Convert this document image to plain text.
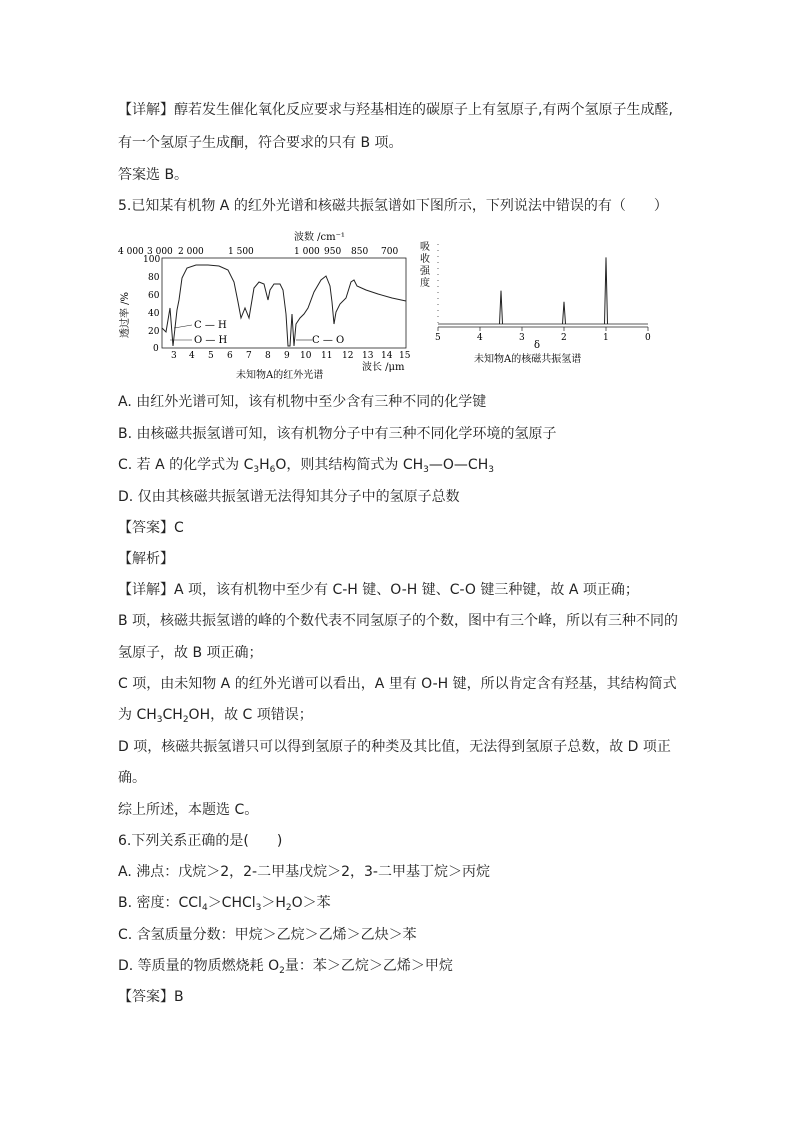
【详解】醇若发生催化氧化反应要求与羟基相连的碳原子上有氢原子,有两个氢原子生成醛,
有一个氢原子生成酮，符合要求的只有 B 项。
答案选 B。
5.已知某有机物 A 的红外光谱和核磁共振氢谱如下图所示，下列说法中错误的有（　　）
波数 /cm⁻¹
4 000 3 000 2 000	1 500	1 000 950 850 700
透过率 /%
100
80
60
40
20
0
C — H
O — H	C — O
3 4 5 6 7 8 9 10 11 12 13 14 15
未知物A的红外光谱
波长 /μm
吸
收
强
度
5	4	3	2	1	0
δ
未知物A的核磁共振氢谱
A. 由红外光谱可知，该有机物中至少含有三种不同的化学键
B. 由核磁共振氢谱可知，该有机物分子中有三种不同化学环境的氢原子
C. 若 A 的化学式为 $C_3H_6O$，则其结构简式为 $CH_3—O—CH_3$
D. 仅由其核磁共振氢谱无法得知其分子中的氢原子总数
【答案】C
【解析】
【详解】A 项，该有机物中至少有 C-H 键、O-H 键、C-O 键三种键，故 A 项正确；
B 项，核磁共振氢谱的峰的个数代表不同氢原子的个数，图中有三个峰，所以有三种不同的
氢原子，故 B 项正确；
C 项，由未知物 A 的红外光谱可以看出，A 里有 O-H 键，所以肯定含有羟基，其结构简式
为 $CH_3CH_2OH$，故 C 项错误；
D 项，核磁共振氢谱只可以得到氢原子的种类及其比值，无法得到氢原子总数，故 D 项正
确。
综上所述，本题选 C。
6.下列关系正确的是(　　)
A. 沸点：戊烷＞2，2-二甲基戊烷＞2，3-二甲基丁烷＞丙烷
B. 密度：$CCl_4>CHCl_3>H_2O>$苯
C. 含氢质量分数：甲烷＞乙烷＞乙烯＞乙炔＞苯
D. 等质量的物质燃烧耗 $O_2$量：苯＞乙烷＞乙烯＞甲烷
【答案】B
